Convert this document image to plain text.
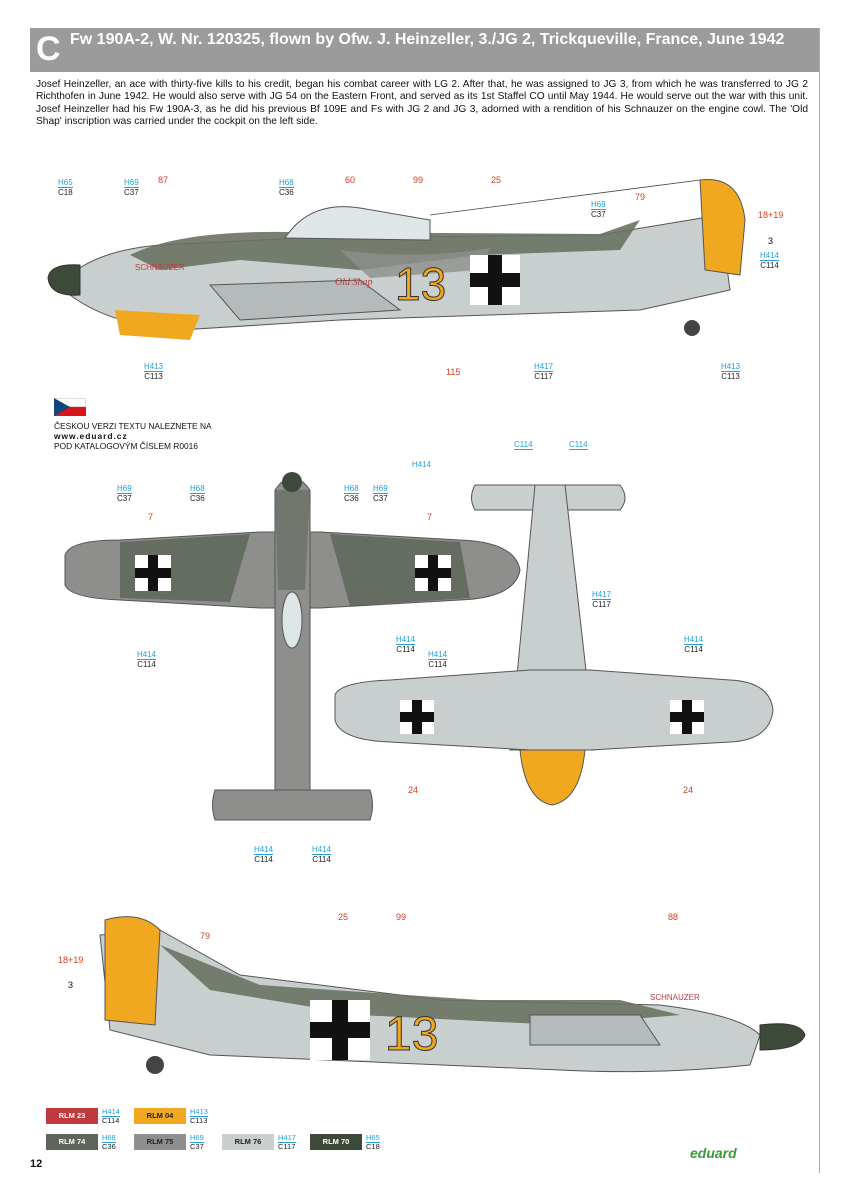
C Fw 190A-2, W. Nr. 120325, flown by Ofw. J. Heinzeller, 3./JG 2, Trickqueville, France, June 1942
Josef Heinzeller, an ace with thirty-five kills to his credit, began his combat career with LG 2. After that, he was assigned to JG 3, from which he was transferred to JG 2 Richthofen in June 1942. He would also serve with JG 54 on the Eastern Front, and served as its 1st Staffel CO until May 1944. He would serve out the war with this unit. Josef Heinzeller had his Fw 190A-3, as he did his previous Bf 109E and Fs with JG 2 and JG 3, adorned with a rendition of his Schnauzer on the engine cowl. The 'Old Shap' inscription was carried under the cockpit on the left side.
13
Old Shap
SCHNAUZER
H65
C18
H69
C37
H68
C36
H69
C37
H414
C114
H413
C113
H417
C117
H413
C113
87	60	99	25
79
18+19
3
115
ČESKOU VERZI TEXTU NALEZNETE NA
www.eduard.cz
POD KATALOGOVÝM ČÍSLEM R0016
H69
C37
H68
C36
H68
C36
H69
C37
H414
C114
H414
C114
H414
C114
H414
7	7
C114	C114
H417
C117
H414
C114
H414
C114
H414
C114
24	24
13
SCHNAUZER
18+19
3
79
25	99	88
RLM 23	H414
C114
RLM 04	H413
C113
RLM 74	H68
C36
RLM 75	H69
C37
RLM 76	H417
C117
RLM 70	H65
C18	eduard
12
